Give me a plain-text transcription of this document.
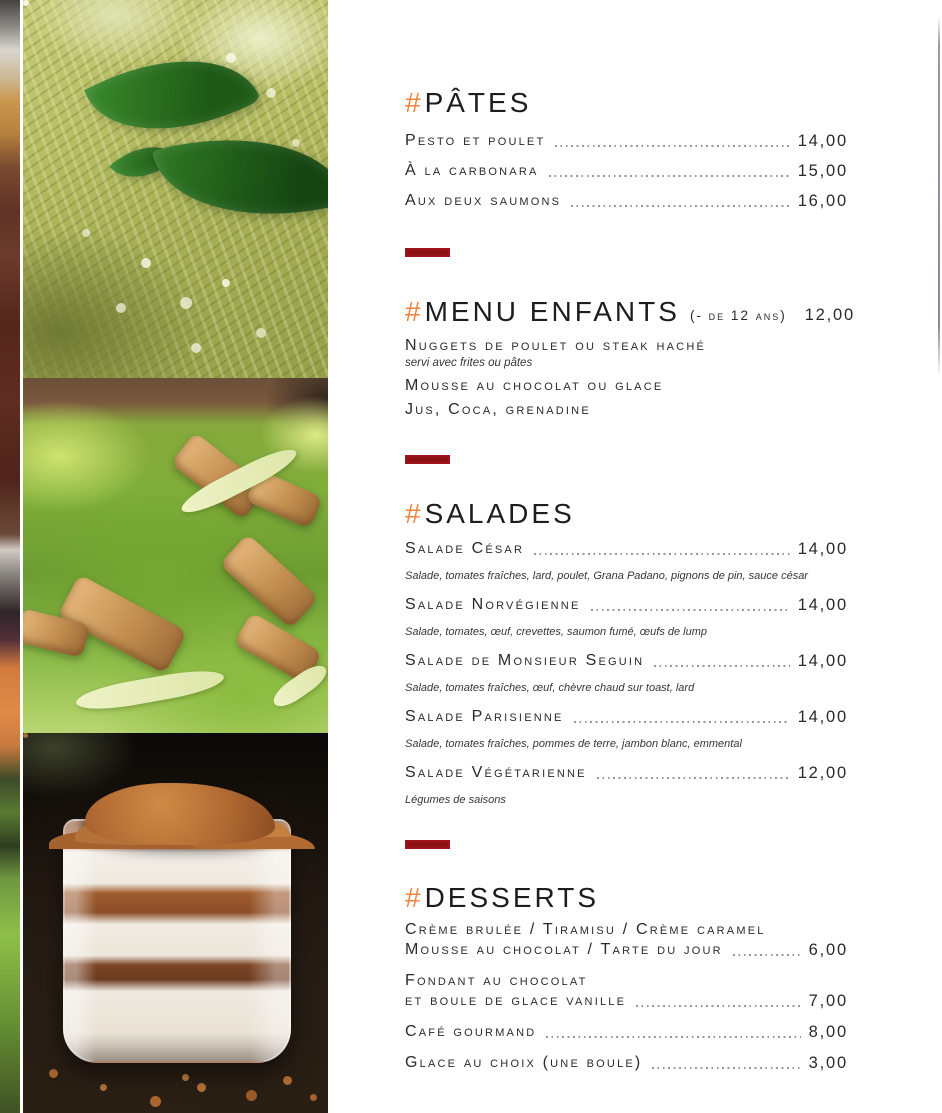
#PÂTES
Pesto et poulet	14,00
À la carbonara	15,00
Aux deux saumons	16,00
#MENU ENFANTS (- de 12 ans) 12,00
Nuggets de poulet ou steak haché
servi avec frites ou pâtes
Mousse au chocolat ou glace
Jus, Coca, grenadine
#SALADES
Salade César	14,00
Salade, tomates fraîches, lard, poulet, Grana Padano, pignons de pin, sauce césar
Salade Norvégienne	14,00
Salade, tomates, œuf, crevettes, saumon fumé, œufs de lump
Salade de Monsieur Seguin	14,00
Salade, tomates fraîches, œuf, chèvre chaud sur toast, lard
Salade Parisienne	14,00
Salade, tomates fraîches, pommes de terre, jambon blanc, emmental
Salade Végétarienne	12,00
Légumes de saisons
#DESSERTS
Crème brulée / Tiramisu / Crème caramel
Mousse au chocolat / Tarte du jour	6,00
Fondant au chocolat
et boule de glace vanille	7,00
Café gourmand	8,00
Glace au choix (une boule)	3,00
